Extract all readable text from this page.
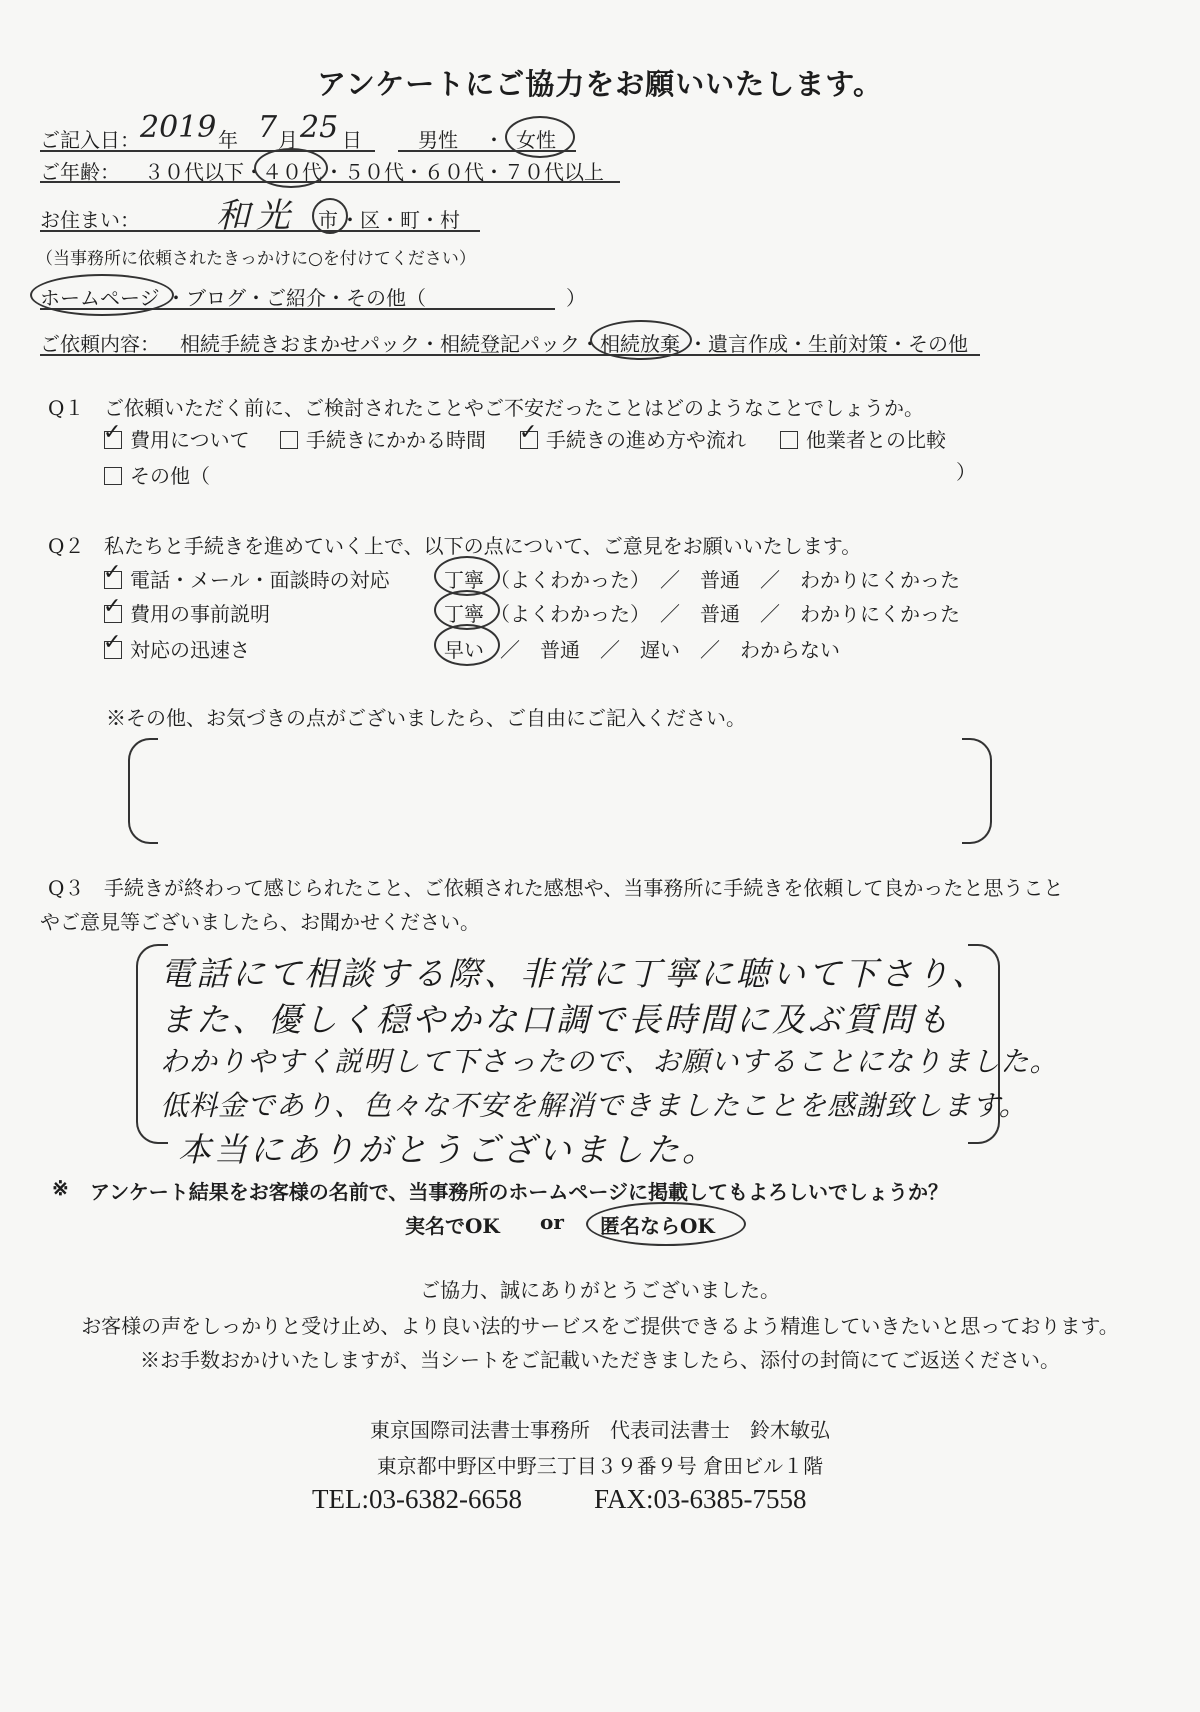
アンケートにご協力をお願いいたします。
ご記入日： 2019 年 7 月 25 日	男性 ・ 女性
ご年齢： ３０代以下・
４０代 ・５０代・６０代・７０代以上
お住まい： 和光 市 ・区・町・村
（当事務所に依頼されたきっかけに○を付けてください）
ホームページ ・ブログ・ご紹介・その他（　　　　　　　）
ご依頼内容： 相続手続きおまかせパック・相続登記パック・ 相続放棄 ・遺言作成・生前対策・その他
Q１ ご依頼いただく前に、ご検討されたことやご不安だったことはどのようなことでしょうか。
✓ 費用について	手続きにかかる時間 ✓ 手続きの進め方や流れ	他業者との比較
その他（	）
Q２ 私たちと手続きを進めていく上で、以下の点について、ご意見をお願いいたします。
✓ 電話・メール・面談時の対応	丁寧 （よくわかった）　／　普通　／　わかりにくかった
✓ 費用の事前説明	丁寧 （よくわかった）　／　普通　／　わかりにくかった
✓ 対応の迅速さ	早い ／　普通　／　遅い　／　わからない
※その他、お気づきの点がございましたら、ご自由にご記入ください。
Q３ 手続きが終わって感じられたこと、ご依頼された感想や、当事務所に手続きを依頼して良かったと思うこと
やご意見等ございましたら、お聞かせください。
電話にて相談する際、非常に丁寧に聴いて下さり、
また、優しく穏やかな口調で長時間に及ぶ質問も
わかりやすく説明して下さったので、お願いすることになりました。
低料金であり、色々な不安を解消できましたことを感謝致します。
本当にありがとうございました。
※ アンケート結果をお客様の名前で、当事務所のホームページに掲載してもよろしいでしょうか？
実名でOK or 匿名ならOK
ご協力、誠にありがとうございました。
お客様の声をしっかりと受け止め、より良い法的サービスをご提供できるよう精進していきたいと思っております。
※お手数おかけいたしますが、当シートをご記載いただきましたら、添付の封筒にてご返送ください。
東京国際司法書士事務所　代表司法書士　鈴木敏弘
東京都中野区中野三丁目３９番９号 倉田ビル１階
TEL:03-6382-6658	FAX:03-6385-7558
